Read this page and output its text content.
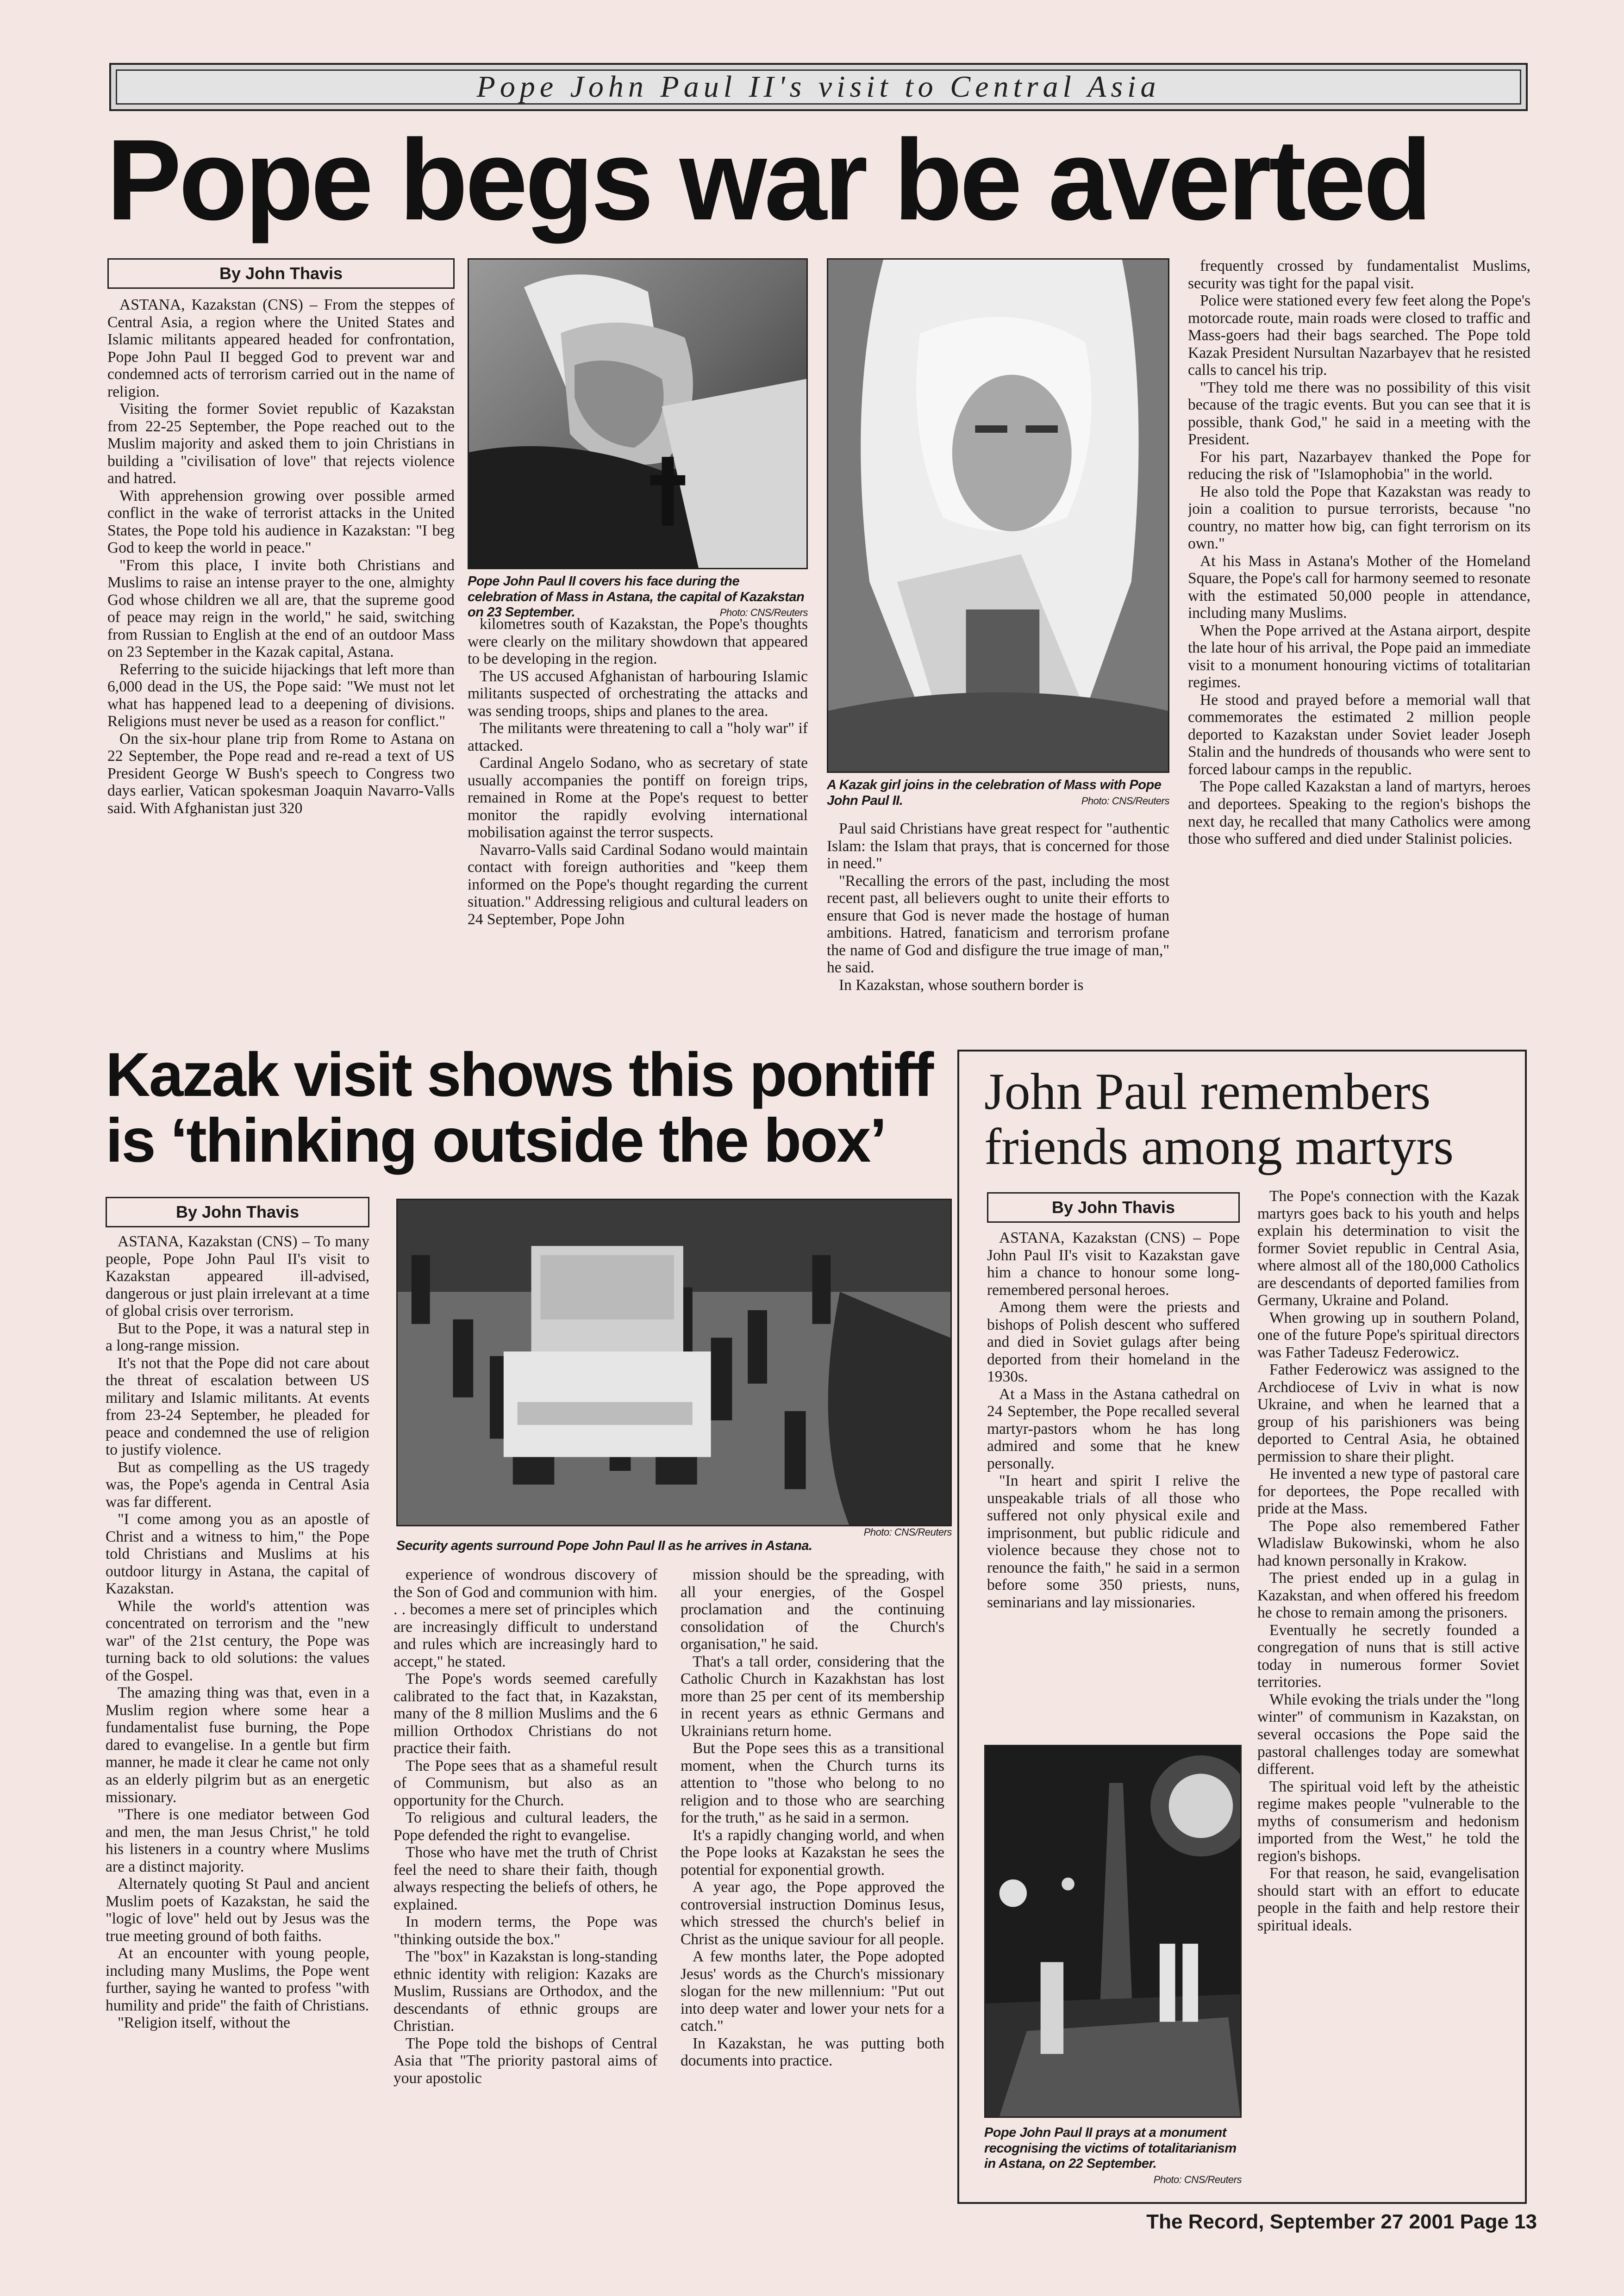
Pope John Paul II's visit to Central Asia
Pope begs war be averted
By John Thavis

ASTANA, Kazakstan (CNS) – From the steppes of Central Asia, a region where the United States and Islamic militants appeared headed for confrontation, Pope John Paul II begged God to prevent war and condemned acts of terrorism carried out in the name of religion.

Visiting the former Soviet republic of Kazakstan from 22-25 September, the Pope reached out to the Muslim majority and asked them to join Christians in building a "civilisation of love" that rejects violence and hatred.

With apprehension growing over possible armed conflict in the wake of terrorist attacks in the United States, the Pope told his audience in Kazakstan: "I beg God to keep the world in peace."

"From this place, I invite both Christians and Muslims to raise an intense prayer to the one, almighty God whose children we all are, that the supreme good of peace may reign in the world," he said, switching from Russian to English at the end of an outdoor Mass on 23 September in the Kazak capital, Astana.

Referring to the suicide hijackings that left more than 6,000 dead in the US, the Pope said: "We must not let what has happened lead to a deepening of divisions. Religions must never be used as a reason for conflict."

On the six-hour plane trip from Rome to Astana on 22 September, the Pope read and re-read a text of US President George W Bush's speech to Congress two days earlier, Vatican spokesman Joaquin Navarro-Valls said. With Afghanistan just 320

Pope John Paul II covers his face during the celebration of Mass in Astana, the capital of Kazakstan on 23 September.	Photo: CNS/Reuters

kilometres south of Kazakstan, the Pope's thoughts were clearly on the military showdown that appeared to be developing in the region.

The US accused Afghanistan of harbouring Islamic militants suspected of orchestrating the attacks and was sending troops, ships and planes to the area.

The militants were threatening to call a "holy war" if attacked.

Cardinal Angelo Sodano, who as secretary of state usually accompanies the pontiff on foreign trips, remained in Rome at the Pope's request to better monitor the rapidly evolving international mobilisation against the terror suspects.

Navarro-Valls said Cardinal Sodano would maintain contact with foreign authorities and "keep them informed on the Pope's thought regarding the current situation." Addressing religious and cultural leaders on 24 September, Pope John

A Kazak girl joins in the celebration of Mass with Pope John Paul II.	Photo: CNS/Reuters

Paul said Christians have great respect for "authentic Islam: the Islam that prays, that is concerned for those in need."

"Recalling the errors of the past, including the most recent past, all believers ought to unite their efforts to ensure that God is never made the hostage of human ambitions. Hatred, fanaticism and terrorism profane the name of God and disfigure the true image of man," he said.

In Kazakstan, whose southern border is

frequently crossed by fundamentalist Muslims, security was tight for the papal visit.

Police were stationed every few feet along the Pope's motorcade route, main roads were closed to traffic and Mass-goers had their bags searched. The Pope told Kazak President Nursultan Nazarbayev that he resisted calls to cancel his trip.

"They told me there was no possibility of this visit because of the tragic events. But you can see that it is possible, thank God," he said in a meeting with the President.

For his part, Nazarbayev thanked the Pope for reducing the risk of "Islamophobia" in the world.

He also told the Pope that Kazakstan was ready to join a coalition to pursue terrorists, because "no country, no matter how big, can fight terrorism on its own."

At his Mass in Astana's Mother of the Homeland Square, the Pope's call for harmony seemed to resonate with the estimated 50,000 people in attendance, including many Muslims.

When the Pope arrived at the Astana airport, despite the late hour of his arrival, the Pope paid an immediate visit to a monument honouring victims of totalitarian regimes.

He stood and prayed before a memorial wall that commemorates the estimated 2 million people deported to Kazakstan under Soviet leader Joseph Stalin and the hundreds of thousands who were sent to forced labour camps in the republic.

The Pope called Kazakstan a land of martyrs, heroes and deportees. Speaking to the region's bishops the next day, he recalled that many Catholics were among those who suffered and died under Stalinist policies.

Kazak visit shows this pontiff is ‘thinking outside the box’
By John Thavis

ASTANA, Kazakstan (CNS) – To many people, Pope John Paul II's visit to Kazakstan appeared ill-advised, dangerous or just plain irrelevant at a time of global crisis over terrorism.

But to the Pope, it was a natural step in a long-range mission.

It's not that the Pope did not care about the threat of escalation between US military and Islamic militants. At events from 23-24 September, he pleaded for peace and condemned the use of religion to justify violence.

But as compelling as the US tragedy was, the Pope's agenda in Central Asia was far different.

"I come among you as an apostle of Christ and a witness to him," the Pope told Christians and Muslims at his outdoor liturgy in Astana, the capital of Kazakstan.

While the world's attention was concentrated on terrorism and the "new war" of the 21st century, the Pope was turning back to old solutions: the values of the Gospel.

The amazing thing was that, even in a Muslim region where some hear a fundamentalist fuse burning, the Pope dared to evangelise. In a gentle but firm manner, he made it clear he came not only as an elderly pilgrim but as an energetic missionary.

"There is one mediator between God and men, the man Jesus Christ," he told his listeners in a country where Muslims are a distinct majority.

Alternately quoting St Paul and ancient Muslim poets of Kazakstan, he said the "logic of love" held out by Jesus was the true meeting ground of both faiths.

At an encounter with young people, including many Muslims, the Pope went further, saying he wanted to profess "with humility and pride" the faith of Christians.

"Religion itself, without the

Photo: CNS/Reuters
Security agents surround Pope John Paul II as he arrives in Astana.

experience of wondrous discovery of the Son of God and communion with him. . . becomes a mere set of principles which are increasingly difficult to understand and rules which are increasingly hard to accept," he stated.

The Pope's words seemed carefully calibrated to the fact that, in Kazakstan, many of the 8 million Muslims and the 6 million Orthodox Christians do not practice their faith.

The Pope sees that as a shameful result of Communism, but also as an opportunity for the Church.

To religious and cultural leaders, the Pope defended the right to evangelise.

Those who have met the truth of Christ feel the need to share their faith, though always respecting the beliefs of others, he explained.

In modern terms, the Pope was "thinking outside the box."

The "box" in Kazakstan is long-standing ethnic identity with religion: Kazaks are Muslim, Russians are Orthodox, and the descendants of ethnic groups are Christian.

The Pope told the bishops of Central Asia that "The priority pastoral aims of your apostolic

mission should be the spreading, with all your energies, of the Gospel proclamation and the continuing consolidation of the Church's organisation," he said.

That's a tall order, considering that the Catholic Church in Kazakhstan has lost more than 25 per cent of its membership in recent years as ethnic Germans and Ukrainians return home.

But the Pope sees this as a transitional moment, when the Church turns its attention to "those who belong to no religion and to those who are searching for the truth," as he said in a sermon.

It's a rapidly changing world, and when the Pope looks at Kazakstan he sees the potential for exponential growth.

A year ago, the Pope approved the controversial instruction Dominus Iesus, which stressed the church's belief in Christ as the unique saviour for all people.

A few months later, the Pope adopted Jesus' words as the Church's missionary slogan for the new millennium: "Put out into deep water and lower your nets for a catch."

In Kazakstan, he was putting both documents into practice.

John Paul remembers friends among martyrs
By John Thavis

ASTANA, Kazakstan (CNS) – Pope John Paul II's visit to Kazakstan gave him a chance to honour some long-remembered personal heroes.

Among them were the priests and bishops of Polish descent who suffered and died in Soviet gulags after being deported from their homeland in the 1930s.

At a Mass in the Astana cathedral on 24 September, the Pope recalled several martyr-pastors whom he has long admired and some that he knew personally.

"In heart and spirit I relive the unspeakable trials of all those who suffered not only physical exile and imprisonment, but public ridicule and violence because they chose not to renounce the faith," he said in a sermon before some 350 priests, nuns, seminarians and lay missionaries.

Pope John Paul II prays at a monument recognising the victims of totalitarianism in Astana, on 22 September.
Photo: CNS/Reuters

The Pope's connection with the Kazak martyrs goes back to his youth and helps explain his determination to visit the former Soviet republic in Central Asia, where almost all of the 180,000 Catholics are descendants of deported families from Germany, Ukraine and Poland.

When growing up in southern Poland, one of the future Pope's spiritual directors was Father Tadeusz Federowicz.

Father Federowicz was assigned to the Archdiocese of Lviv in what is now Ukraine, and when he learned that a group of his parishioners was being deported to Central Asia, he obtained permission to share their plight.

He invented a new type of pastoral care for deportees, the Pope recalled with pride at the Mass.

The Pope also remembered Father Wladislaw Bukowinski, whom he also had known personally in Krakow.

The priest ended up in a gulag in Kazakstan, and when offered his freedom he chose to remain among the prisoners.

Eventually he secretly founded a congregation of nuns that is still active today in numerous former Soviet territories.

While evoking the trials under the "long winter" of communism in Kazakstan, on several occasions the Pope said the pastoral challenges today are somewhat different.

The spiritual void left by the atheistic regime makes people "vulnerable to the myths of consumerism and hedonism imported from the West," he told the region's bishops.

For that reason, he said, evangelisation should start with an effort to educate people in the faith and help restore their spiritual ideals.

The Record, September 27 2001 Page 13
